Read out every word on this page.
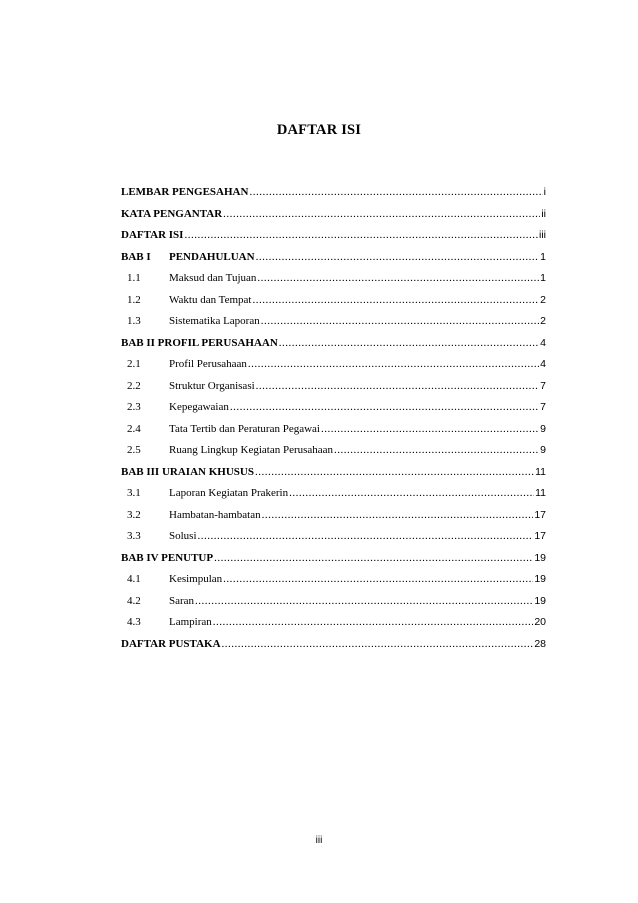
DAFTAR ISI
LEMBAR PENGESAHAN .....	i
KATA PENGANTAR .....	ii
DAFTAR ISI .....	iii
BAB I	PENDAHULUAN .....	1
1.1	Maksud dan Tujuan .....	1
1.2	Waktu dan Tempat .....	2
1.3	Sistematika Laporan .....	2
BAB II PROFIL PERUSAHAAN .....	4
2.1	Profil Perusahaan .....	4
2.2	Struktur Organisasi .....	7
2.3	Kepegawaian .....	7
2.4	Tata Tertib dan Peraturan Pegawai .....	9
2.5	Ruang Lingkup Kegiatan Perusahaan .....	9
BAB III URAIAN KHUSUS .....	11
3.1	Laporan Kegiatan Prakerin .....	11
3.2	Hambatan-hambatan .....	17
3.3	Solusi .....	17
BAB IV PENUTUP .....	19
4.1	Kesimpulan .....	19
4.2	Saran .....	19
4.3	Lampiran .....	20
DAFTAR PUSTAKA .....	28
iii
